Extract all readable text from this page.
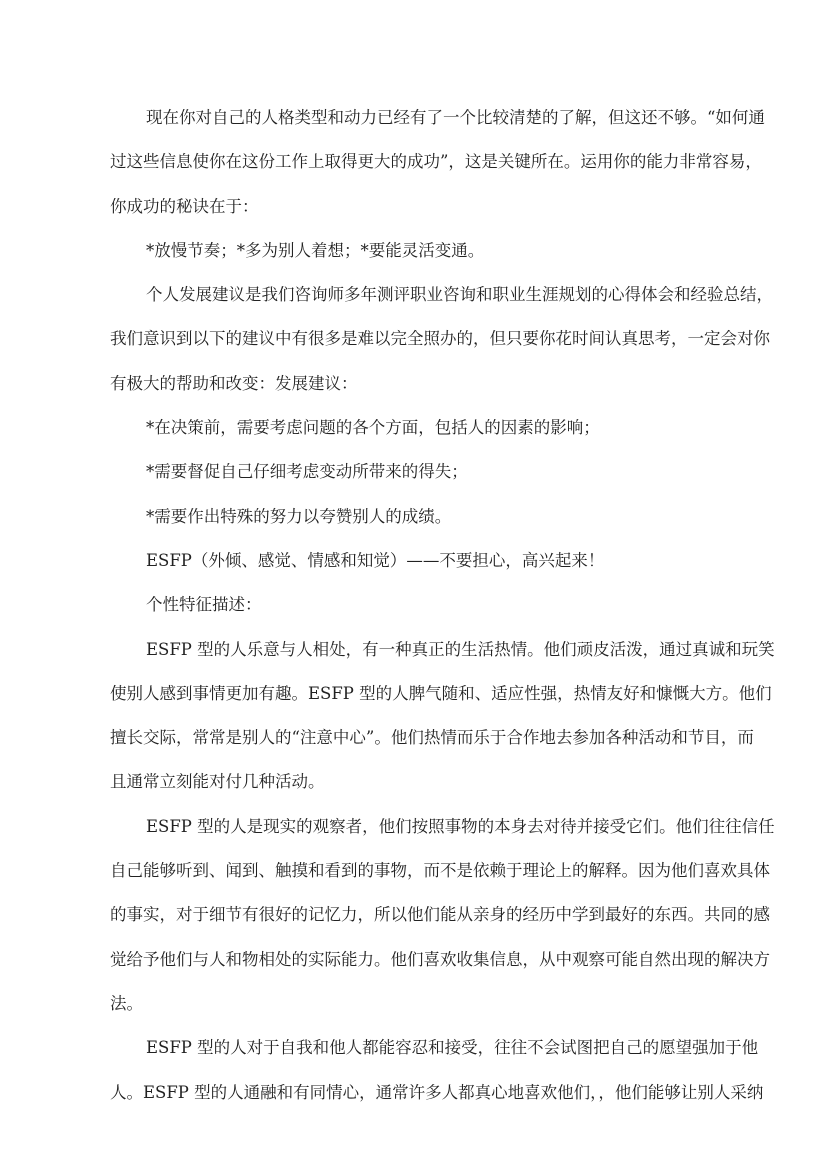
现在你对自己的人格类型和动力已经有了一个比较清楚的了解，但这还不够。“如何通
过这些信息使你在这份工作上取得更大的成功”，这是关键所在。运用你的能力非常容易，
你成功的秘诀在于：
*放慢节奏；*多为别人着想；*要能灵活变通。
个人发展建议是我们咨询师多年测评职业咨询和职业生涯规划的心得体会和经验总结，
我们意识到以下的建议中有很多是难以完全照办的，但只要你花时间认真思考，一定会对你
有极大的帮助和改变：发展建议：
*在决策前，需要考虑问题的各个方面，包括人的因素的影响；
*需要督促自己仔细考虑变动所带来的得失；
*需要作出特殊的努力以夸赞别人的成绩。
ESFP（外倾、感觉、情感和知觉）——不要担心，高兴起来！
个性特征描述：
ESFP 型的人乐意与人相处，有一种真正的生活热情。他们顽皮活泼，通过真诚和玩笑
使别人感到事情更加有趣。ESFP 型的人脾气随和、适应性强，热情友好和慷慨大方。他们
擅长交际，常常是别人的“注意中心”。他们热情而乐于合作地去参加各种活动和节目，而
且通常立刻能对付几种活动。
ESFP 型的人是现实的观察者，他们按照事物的本身去对待并接受它们。他们往往信任
自己能够听到、闻到、触摸和看到的事物，而不是依赖于理论上的解释。因为他们喜欢具体
的事实，对于细节有很好的记忆力，所以他们能从亲身的经历中学到最好的东西。共同的感
觉给予他们与人和物相处的实际能力。他们喜欢收集信息，从中观察可能自然出现的解决方
法。
ESFP 型的人对于自我和他人都能容忍和接受，往往不会试图把自己的愿望强加于他
人。ESFP 型的人通融和有同情心，通常许多人都真心地喜欢他们，，他们能够让别人采纳
